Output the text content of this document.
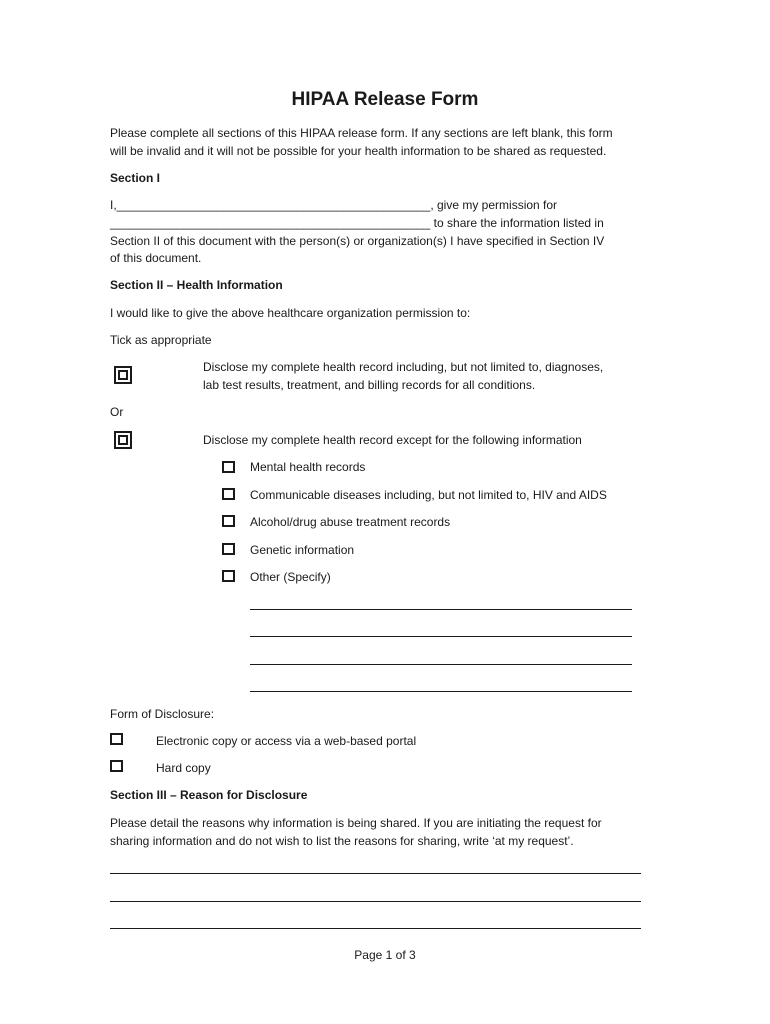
HIPAA Release Form
Please complete all sections of this HIPAA release form. If any sections are left blank, this form
will be invalid and it will not be possible for your health information to be shared as requested.
Section I
I,_______________________________________________, give my permission for
________________________________________________ to share the information listed in
Section II of this document with the person(s) or organization(s) I have specified in Section IV
of this document.
Section II – Health Information
I would like to give the above healthcare organization permission to:
Tick as appropriate
Disclose my complete health record including, but not limited to, diagnoses,
lab test results, treatment, and billing records for all conditions.
Or
Disclose my complete health record except for the following information
Mental health records
Communicable diseases including, but not limited to, HIV and AIDS
Alcohol/drug abuse treatment records
Genetic information
Other (Specify)
Form of Disclosure:
Electronic copy or access via a web-based portal
Hard copy
Section III – Reason for Disclosure
Please detail the reasons why information is being shared. If you are initiating the request for
sharing information and do not wish to list the reasons for sharing, write ‘at my request’.
Page 1 of 3
